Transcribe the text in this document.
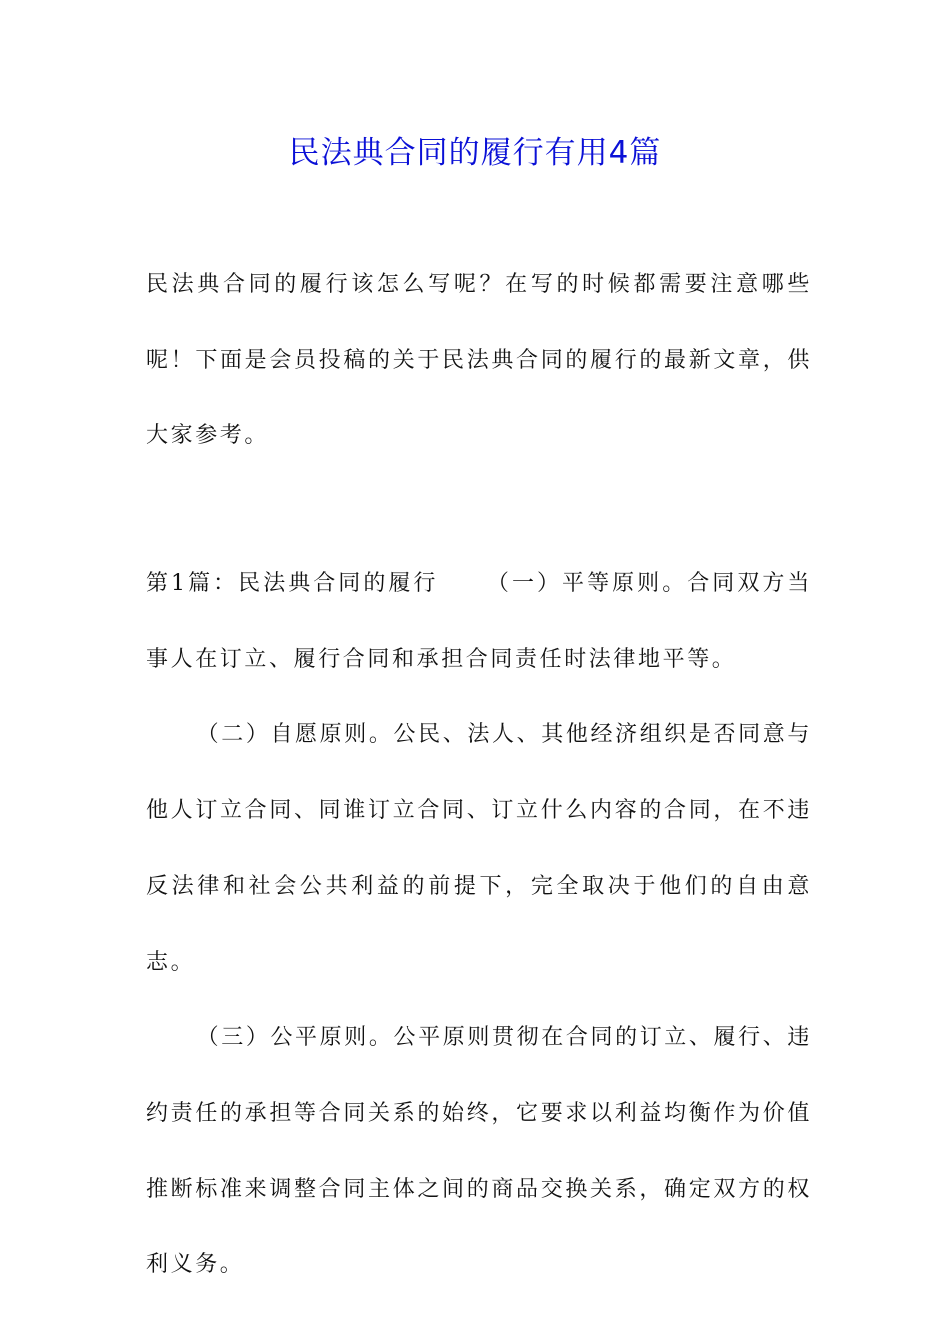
民法典合同的履行有用4篇

民法典合同的履行该怎么写呢？在写的时候都需要注意哪些呢！下面是会员投稿的关于民法典合同的履行的最新文章，供大家参考。

第1篇：民法典合同的履行 （一）平等原则。合同双方当事人在订立、履行合同和承担合同责任时法律地平等。

（二）自愿原则。公民、法人、其他经济组织是否同意与他人订立合同、同谁订立合同、订立什么内容的合同，在不违反法律和社会公共利益的前提下，完全取决于他们的自由意志。

（三）公平原则。公平原则贯彻在合同的订立、履行、违约责任的承担等合同关系的始终，它要求以利益均衡作为价值推断标准来调整合同主体之间的商品交换关系，确定双方的权利义务。
